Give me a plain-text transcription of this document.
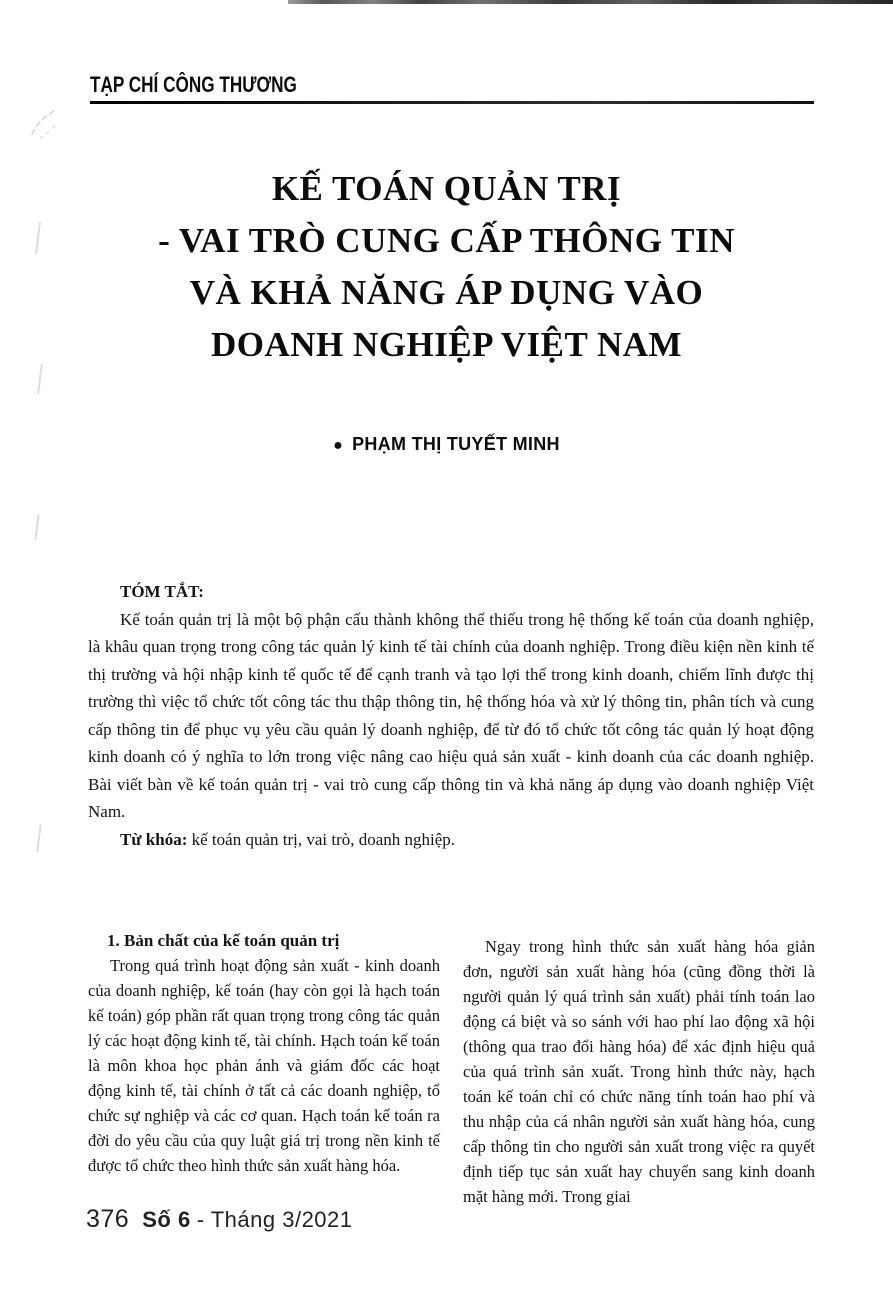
TẠP CHÍ CÔNG THƯƠNG
KẾ TOÁN QUẢN TRỊ
- VAI TRÒ CUNG CẤP THÔNG TIN
VÀ KHẢ NĂNG ÁP DỤNG VÀO
DOANH NGHIỆP VIỆT NAM
● PHẠM THỊ TUYẾT MINH
TÓM TẮT:

Kế toán quản trị là một bộ phận cấu thành không thể thiếu trong hệ thống kế toán của doanh nghiệp, là khâu quan trọng trong công tác quản lý kinh tế tài chính của doanh nghiệp. Trong điều kiện nền kinh tế thị trường và hội nhập kinh tế quốc tế để cạnh tranh và tạo lợi thế trong kinh doanh, chiếm lĩnh được thị trường thì việc tổ chức tốt công tác thu thập thông tin, hệ thống hóa và xử lý thông tin, phân tích và cung cấp thông tin để phục vụ yêu cầu quản lý doanh nghiệp, để từ đó tổ chức tốt công tác quản lý hoạt động kinh doanh có ý nghĩa to lớn trong việc nâng cao hiệu quả sản xuất - kinh doanh của các doanh nghiệp. Bài viết bàn về kế toán quản trị - vai trò cung cấp thông tin và khả năng áp dụng vào doanh nghiệp Việt Nam.

Từ khóa: kế toán quản trị, vai trò, doanh nghiệp.
1. Bản chất của kế toán quản trị

Trong quá trình hoạt động sản xuất - kinh doanh của doanh nghiệp, kế toán (hay còn gọi là hạch toán kế toán) góp phần rất quan trọng trong công tác quản lý các hoạt động kinh tế, tài chính. Hạch toán kế toán là môn khoa học phản ánh và giám đốc các hoạt động kinh tế, tài chính ở tất cả các doanh nghiệp, tổ chức sự nghiệp và các cơ quan. Hạch toán kế toán ra đời do yêu cầu của quy luật giá trị trong nền kinh tế được tổ chức theo hình thức sản xuất hàng hóa.

Ngay trong hình thức sản xuất hàng hóa giản đơn, người sản xuất hàng hóa (cũng đồng thời là người quản lý quá trình sản xuất) phải tính toán lao động cá biệt và so sánh với hao phí lao động xã hội (thông qua trao đổi hàng hóa) để xác định hiệu quả của quá trình sản xuất. Trong hình thức này, hạch toán kế toán chỉ có chức năng tính toán hao phí và thu nhập của cá nhân người sản xuất hàng hóa, cung cấp thông tin cho người sản xuất trong việc ra quyết định tiếp tục sản xuất hay chuyển sang kinh doanh mặt hàng mới. Trong giai

376 Số 6 - Tháng 3/2021
